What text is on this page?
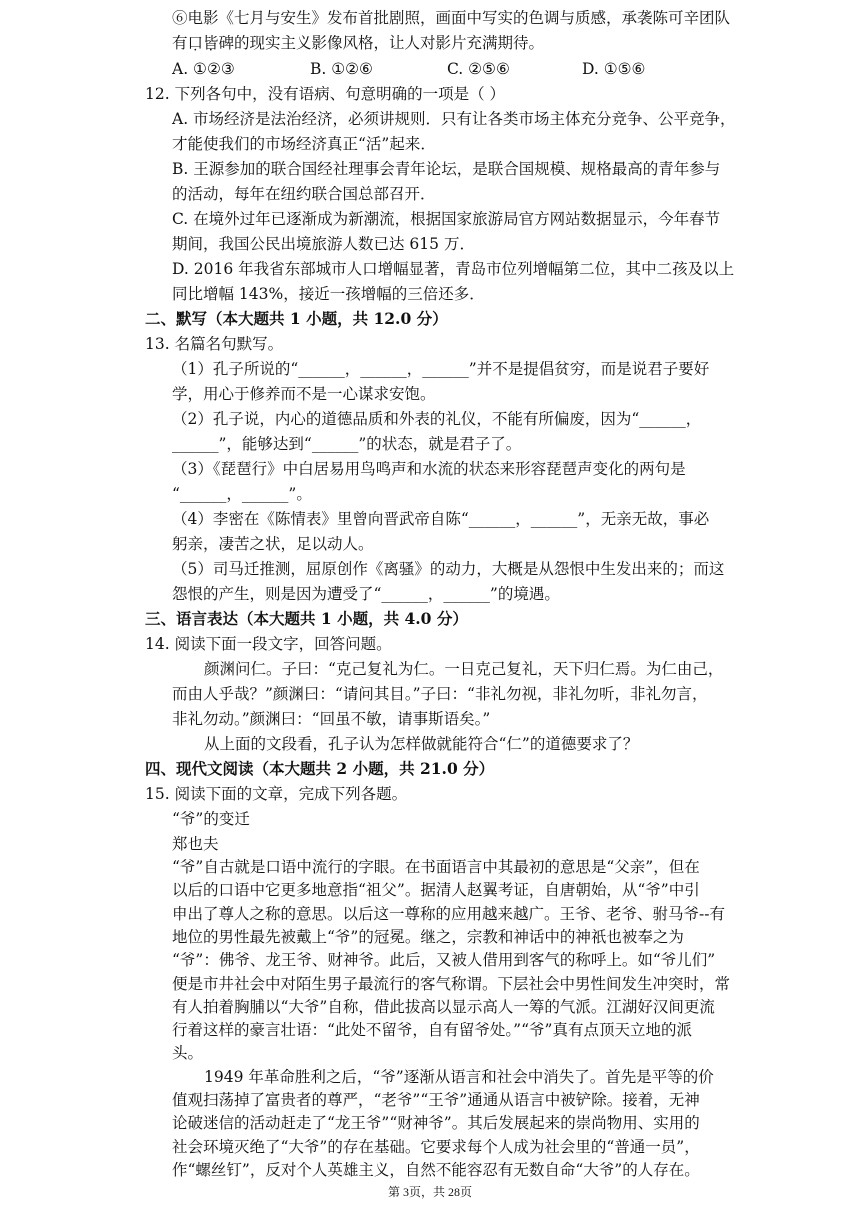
⑥电影《七月与安生》发布首批剧照，画面中写实的色调与质感，承袭陈可辛团队
有口皆碑的现实主义影像风格，让人对影片充满期待。
A. ①②③	B. ①②⑥	C. ②⑤⑥	D. ①⑤⑥
12. 下列各句中，没有语病、句意明确的一项是（ ）
A. 市场经济是法治经济，必须讲规则．只有让各类市场主体充分竞争、公平竞争，
才能使我们的市场经济真正“活”起来．
B. 王源参加的联合国经社理事会青年论坛，是联合国规模、规格最高的青年参与
的活动，每年在纽约联合国总部召开．
C. 在境外过年已逐渐成为新潮流，根据国家旅游局官方网站数据显示，今年春节
期间，我国公民出境旅游人数已达 615 万．
D. 2016 年我省东部城市人口增幅显著，青岛市位列增幅第二位，其中二孩及以上
同比增幅 143%，接近一孩增幅的三倍还多．
二、默写（本大题共 1 小题，共 12.0 分）
13. 名篇名句默写。
（1）孔子所说的“______，______，______”并不是提倡贫穷，而是说君子要好
学，用心于修养而不是一心谋求安饱。
（2）孔子说，内心的道德品质和外表的礼仪，不能有所偏废，因为“______，
______”，能够达到“______”的状态，就是君子了。
（3）《琵琶行》中白居易用鸟鸣声和水流的状态来形容琵琶声变化的两句是
“______，______”。
（4）李密在《陈情表》里曾向晋武帝自陈“______，______”，无亲无故，事必
躬亲，凄苦之状，足以动人。
（5）司马迁推测，屈原创作《离骚》的动力，大概是从怨恨中生发出来的；而这
怨恨的产生，则是因为遭受了“______，______”的境遇。
三、语言表达（本大题共 1 小题，共 4.0 分）
14. 阅读下面一段文字，回答问题。
颜渊问仁。子曰：“克己复礼为仁。一日克己复礼，天下归仁焉。为仁由己，
而由人乎哉？”颜渊曰：“请问其目。”子曰：“非礼勿视，非礼勿听，非礼勿言，
非礼勿动。”颜渊曰：“回虽不敏，请事斯语矣。”
从上面的文段看，孔子认为怎样做就能符合“仁”的道德要求了？
四、现代文阅读（本大题共 2 小题，共 21.0 分）
15. 阅读下面的文章，完成下列各题。
“爷”的变迁
郑也夫
“爷”自古就是口语中流行的字眼。在书面语言中其最初的意思是“父亲”，但在
以后的口语中它更多地意指“祖父”。据清人赵翼考证，自唐朝始，从“爷”中引
申出了尊人之称的意思。以后这一尊称的应用越来越广。王爷、老爷、驸马爷--有
地位的男性最先被戴上“爷”的冠冕。继之，宗教和神话中的神祇也被奉之为
“爷”：佛爷、龙王爷、财神爷。此后，又被人借用到客气的称呼上。如“爷儿们”
便是市井社会中对陌生男子最流行的客气称谓。下层社会中男性间发生冲突时，常
有人拍着胸脯以“大爷”自称，借此拔高以显示高人一筹的气派。江湖好汉间更流
行着这样的豪言壮语：“此处不留爷，自有留爷处。”“爷”真有点顶天立地的派
头。
1949 年革命胜利之后，“爷”逐渐从语言和社会中消失了。首先是平等的价
值观扫荡掉了富贵者的尊严，“老爷”“王爷”通通从语言中被铲除。接着，无神
论破迷信的活动赶走了“龙王爷”“财神爷”。其后发展起来的崇尚物用、实用的
社会环境灭绝了“大爷”的存在基础。它要求每个人成为社会里的“普通一员”，
第 3页，共 28页
作“螺丝钉”，反对个人英雄主义，自然不能容忍有无数自命“大爷”的人存在。
